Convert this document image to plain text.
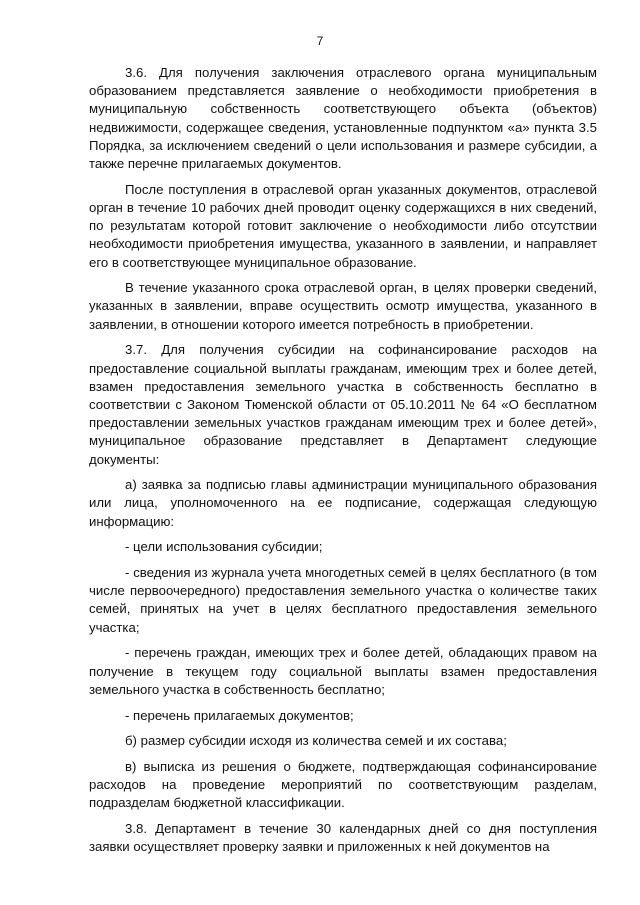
7

3.6. Для получения заключения отраслевого органа муниципальным образованием представляется заявление о необходимости приобретения в муниципальную собственность соответствующего объекта (объектов) недвижимости, содержащее сведения, установленные подпунктом «а» пункта 3.5 Порядка, за исключением сведений о цели использования и размере субсидии, а также перечне прилагаемых документов.

После поступления в отраслевой орган указанных документов, отраслевой орган в течение 10 рабочих дней проводит оценку содержащихся в них сведений, по результатам которой готовит заключение о необходимости либо отсутствии необходимости приобретения имущества, указанного в заявлении, и направляет его в соответствующее муниципальное образование.

В течение указанного срока отраслевой орган, в целях проверки сведений, указанных в заявлении, вправе осуществить осмотр имущества, указанного в заявлении, в отношении которого имеется потребность в приобретении.

3.7. Для получения субсидии на софинансирование расходов на предоставление социальной выплаты гражданам, имеющим трех и более детей, взамен предоставления земельного участка в собственность бесплатно в соответствии с Законом Тюменской области от 05.10.2011 № 64 «О бесплатном предоставлении земельных участков гражданам имеющим трех и более детей», муниципальное образование представляет в Департамент следующие документы:

а) заявка за подписью главы администрации муниципального образования или лица, уполномоченного на ее подписание, содержащая следующую информацию:

- цели использования субсидии;

- сведения из журнала учета многодетных семей в целях бесплатного (в том числе первоочередного) предоставления земельного участка о количестве таких семей, принятых на учет в целях бесплатного предоставления земельного участка;

- перечень граждан, имеющих трех и более детей, обладающих правом на получение в текущем году социальной выплаты взамен предоставления земельного участка в собственность бесплатно;

- перечень прилагаемых документов;

б) размер субсидии исходя из количества семей и их состава;

в) выписка из решения о бюджете, подтверждающая софинансирование расходов на проведение мероприятий по соответствующим разделам, подразделам бюджетной классификации.

3.8. Департамент в течение 30 календарных дней со дня поступления заявки осуществляет проверку заявки и приложенных к ней документов на
